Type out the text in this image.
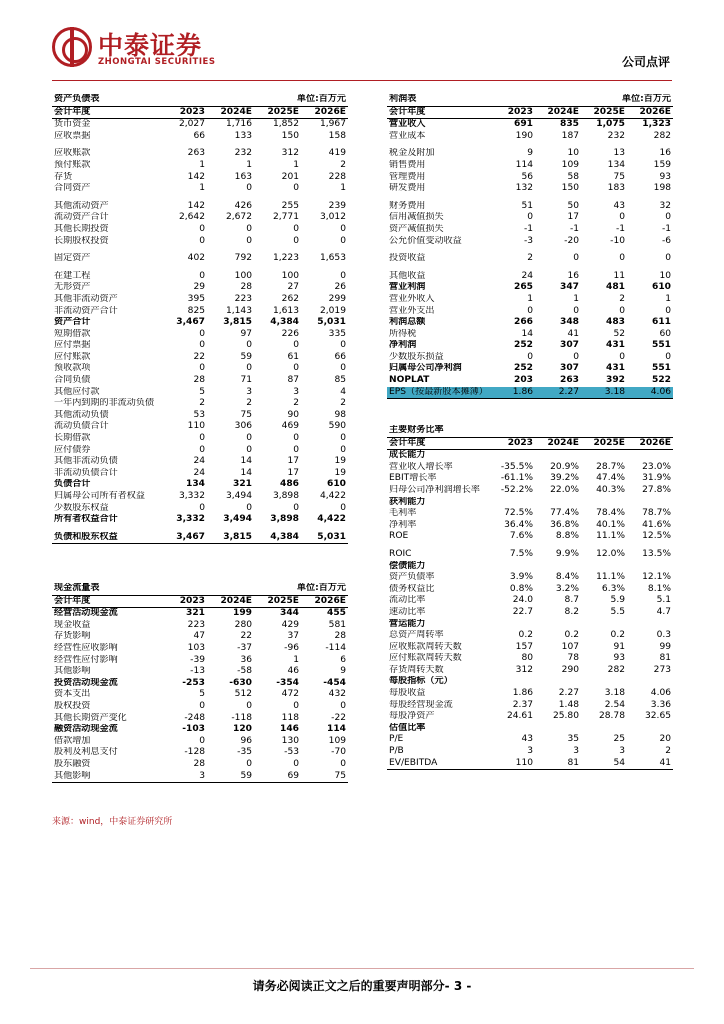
中泰证券
ZHONGTAI SECURITIES	公司点评
资产负债表		单位:百万元		
会计年度	2023	2024E	2025E	2026E
货币资金	2,027	1,716	1,852	1,967
应收票据	66	133	150	158

应收账款	263	232	312	419
预付账款	1	1	1	2
存货	142	163	201	228
合同资产	1	0	0	1

其他流动资产	142	426	255	239
流动资产合计	2,642	2,672	2,771	3,012
其他长期投资	0	0	0	0
长期股权投资	0	0	0	0

固定资产	402	792	1,223	1,653

在建工程	0	100	100	0
无形资产	29	28	27	26
其他非流动资产	395	223	262	299
非流动资产合计	825	1,143	1,613	2,019
资产合计	3,467	3,815	4,384	5,031
短期借款	0	97	226	335
应付票据	0	0	0	0
应付账款	22	59	61	66
预收款项	0	0	0	0
合同负债	28	71	87	85
其他应付款	5	3	3	4
一年内到期的非流动负债	2	2	2	2
其他流动负债	53	75	90	98
流动负债合计	110	306	469	590
长期借款	0	0	0	0
应付债券	0	0	0	0
其他非流动负债	24	14	17	19
非流动负债合计	24	14	17	19
负债合计	134	321	486	610
归属母公司所有者权益	3,332	3,494	3,898	4,422
少数股东权益	0	0	0	0
所有者权益合计	3,332	3,494	3,898	4,422

负债和股东权益	3,467	3,815	4,384	5,031
利润表		单位:百万元		
会计年度	2023	2024E	2025E	2026E
营业收入	691	835	1,075	1,323
营业成本	190	187	232	282

税金及附加	9	10	13	16
销售费用	114	109	134	159
管理费用	56	58	75	93
研发费用	132	150	183	198

财务费用	51	50	43	32
信用减值损失	0	17	0	0
资产减值损失	-1	-1	-1	-1
公允价值变动收益	-3	-20	-10	-6

投资收益	2	0	0	0

其他收益	24	16	11	10
营业利润	265	347	481	610
营业外收入	1	1	2	1
营业外支出	0	0	0	0
利润总额	266	348	483	611
所得税	14	41	52	60
净利润	252	307	431	551
少数股东损益	0	0	0	0
归属母公司净利润	252	307	431	551
NOPLAT	203	263	392	522
EPS（按最新股本摊薄）	1.86	2.27	3.18	4.06
主要财务比率				
会计年度	2023	2024E	2025E	2026E
成长能力				
营业收入增长率	-35.5%	20.9%	28.7%	23.0%
EBIT增长率	-61.1%	39.2%	47.4%	31.9%
归母公司净利润增长率	-52.2%	22.0%	40.3%	27.8%
获利能力				
毛利率	72.5%	77.4%	78.4%	78.7%
净利率	36.4%	36.8%	40.1%	41.6%
ROE	7.6%	8.8%	11.1%	12.5%

ROIC	7.5%	9.9%	12.0%	13.5%
偿债能力				
资产负债率	3.9%	8.4%	11.1%	12.1%
债务权益比	0.8%	3.2%	6.3%	8.1%
流动比率	24.0	8.7	5.9	5.1
速动比率	22.7	8.2	5.5	4.7
营运能力				
总资产周转率	0.2	0.2	0.2	0.3
应收账款周转天数	157	107	91	99
应付账款周转天数	80	78	93	81
存货周转天数	312	290	282	273
每股指标（元）				
每股收益	1.86	2.27	3.18	4.06
每股经营现金流	2.37	1.48	2.54	3.36
每股净资产	24.61	25.80	28.78	32.65
估值比率				
P/E	43	35	25	20
P/B	3	3	3	2
EV/EBITDA	110	81	54	41
现金流量表		单位:百万元		
会计年度	2023	2024E	2025E	2026E
经营活动现金流	321	199	344	455
现金收益	223	280	429	581
存货影响	47	22	37	28
经营性应收影响	103	-37	-96	-114
经营性应付影响	-39	36	1	6
其他影响	-13	-58	46	9
投资活动现金流	-253	-630	-354	-454
资本支出	5	512	472	432
股权投资	0	0	0	0
其他长期资产变化	-248	-118	118	-22
融资活动现金流	-103	120	146	114
借款增加	0	96	130	109
股利及利息支付	-128	-35	-53	-70
股东融资	28	0	0	0
其他影响	3	59	69	75
来源：wind，中泰证券研究所
请务必阅读正文之后的重要声明部分- 3 -
